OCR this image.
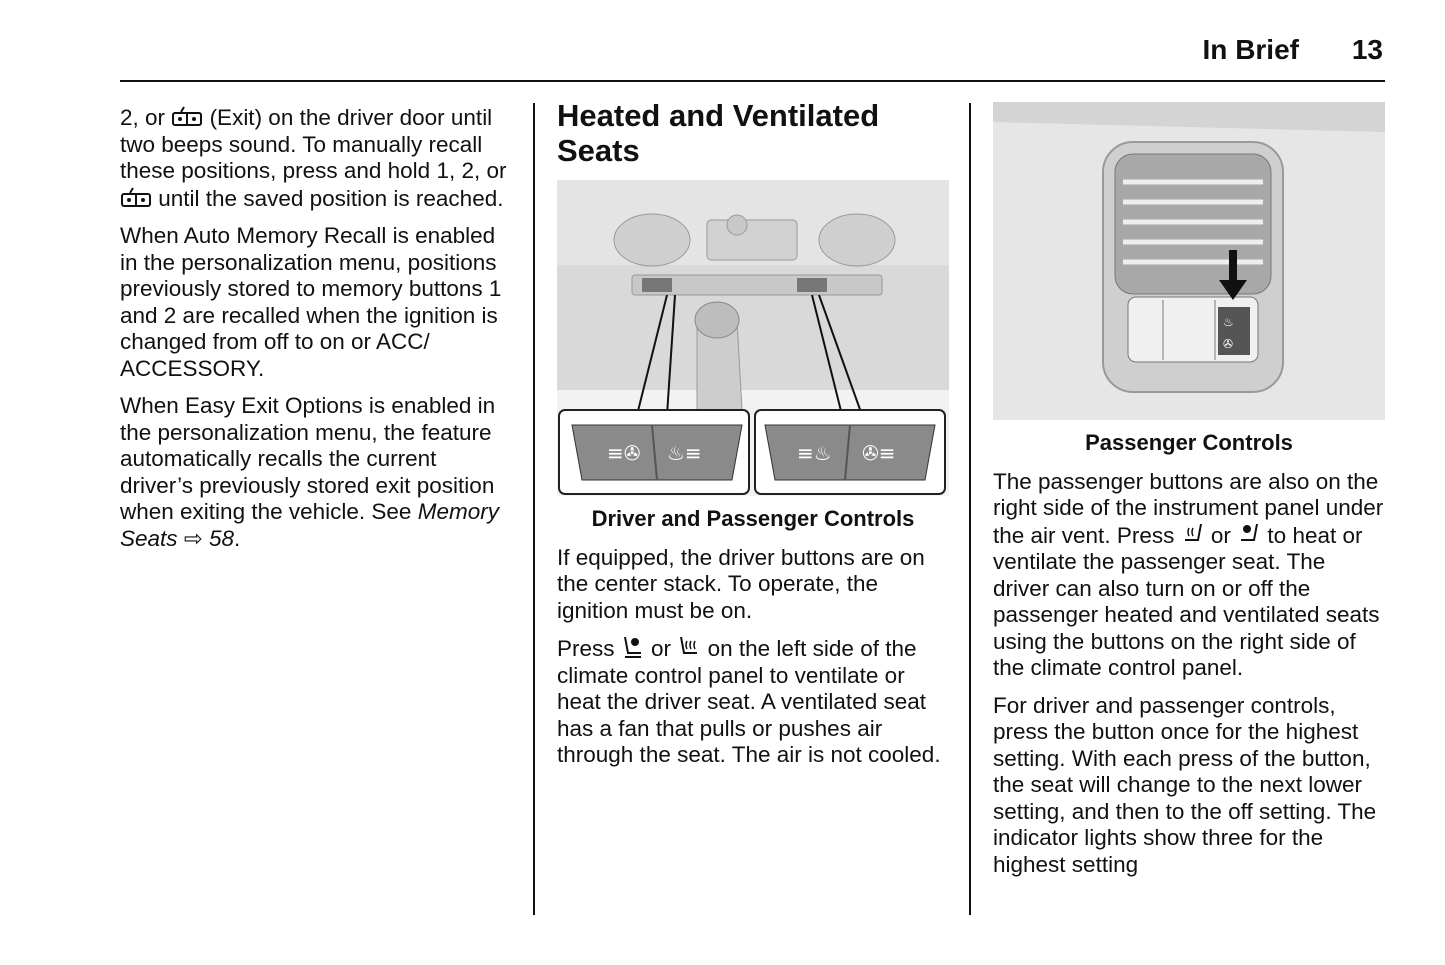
In Brief 13

2, or (Exit) on the driver door until two beeps sound. To manually recall these positions, press and hold 1, 2, or
until the saved position is reached.

When Auto Memory Recall is enabled in the personalization menu, positions previously stored to memory buttons 1 and 2 are recalled when the ignition is changed from off to on or ACC/ ACCESSORY.

When Easy Exit Options is enabled in the personalization menu, the feature automatically recalls the current driver’s previously stored exit position when exiting the vehicle. See Memory Seats ⇨ 58.

Heated and Ventilated Seats
≡✇ ♨≡	≡♨ ✇≡
Driver and Passenger Controls

If equipped, the driver buttons are on the center stack. To operate, the ignition must be on.

Press or on the left side of the climate control panel to ventilate or heat the driver seat. A ventilated seat has a fan that pulls or pushes air through the seat. The air is not cooled.

♨
✇
Passenger Controls

The passenger buttons are also on the right side of the instrument panel under the air vent. Press or to heat or ventilate the passenger seat. The driver can also turn on or off the passenger heated and ventilated seats using the buttons on the right side of the climate control panel.

For driver and passenger controls, press the button once for the highest setting. With each press of the button, the seat will change to the next lower setting, and then to the off setting. The indicator lights show three for the highest setting
